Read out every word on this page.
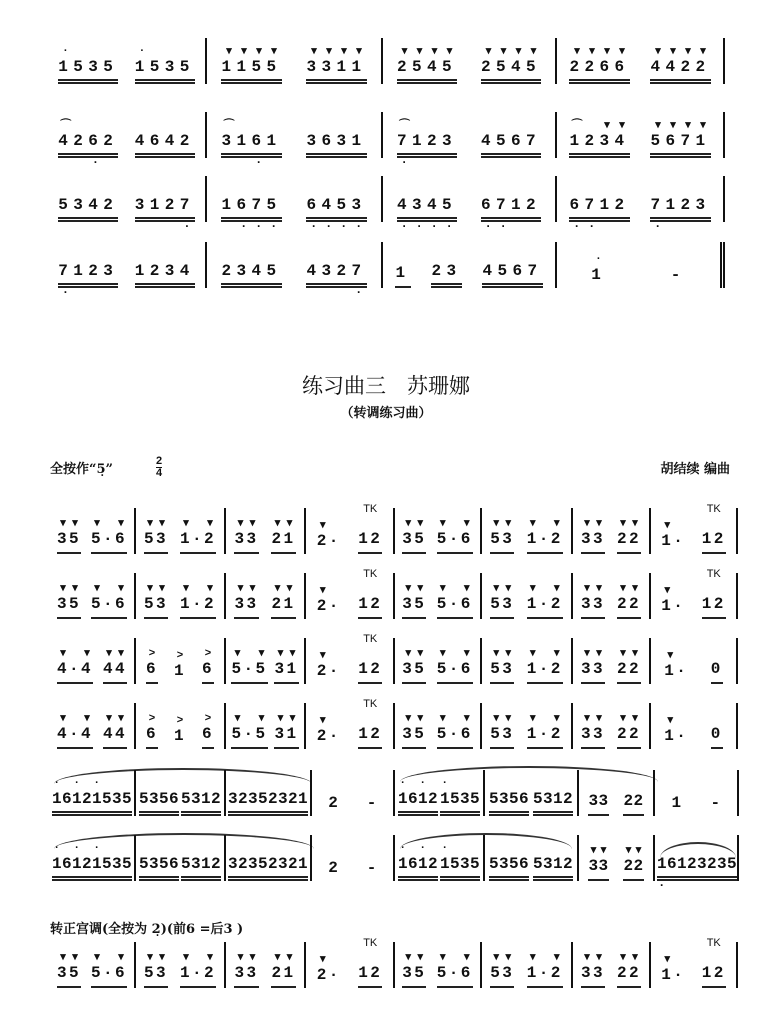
·
1535
·
1535
▾ ▾ ▾ ▾
1155
▾ ▾ ▾ ▾
3311
▾ ▾ ▾ ▾
2545
▾ ▾ ▾ ▾
2545
▾ ▾ ▾ ▾
2266
▾ ▾ ▾ ▾
4422
⌒
4262
·
4642
⌒
3161
·
3631
⌒
7123
·
4567
⌒	▾ ▾
1234
▾ ▾ ▾ ▾
5671
5342 3127
·
1675
· · ·
6453
· · · ·
4345
· · · ·
6712
· ·
6712
· ·
7123
·
7123
·
1234 2345 4327
·
1 23 4567
·
1	-
练习曲三　苏珊娜
（转调练习曲）
全按作“5̣”
2
4	胡结续 编曲
▾ ▾
35
▾ ▾
5·6
▾ ▾
53
▾ ▾
1·2
▾ ▾
33
▾ ▾
21
▾
2·
TK
12
▾ ▾
35
▾ ▾
5·6
▾ ▾
53
▾ ▾
1·2
▾ ▾
33
▾ ▾
22
▾
1·
TK
12
▾ ▾
35
▾ ▾
5·6
▾ ▾
53
▾ ▾
1·2
▾ ▾
33
▾ ▾
21
▾
2·
TK
12
▾ ▾
35
▾ ▾
5·6
▾ ▾
53
▾ ▾
1·2
▾ ▾
33
▾ ▾
22
▾
1·
TK
12
▾ ▾
4·4
▾ ▾
44
>
6
>
1
>
6
▾ ▾
5·5
▾ ▾
31
▾
2·
TK
12
▾ ▾
35
▾ ▾
5·6
▾ ▾
53
▾ ▾
1·2
▾ ▾
33
▾ ▾
22
▾
1· 0
▾ ▾
4·4
▾ ▾
44
>
6
>
1
>
6
▾ ▾
5·5
▾ ▾
31
▾
2·
TK
12
▾ ▾
35
▾ ▾
5·6
▾ ▾
53
▾ ▾
1·2
▾ ▾
33
▾ ▾
22
▾
1· 0
· ·
1612
·
1535 5356 5312 3235 2321 2 -
· ·
1612
·
1535 5356 5312 33 22 1 -
· ·
1612
·
1535 5356 5312 3235 2321 2 -
· ·
1612
·
1535 5356 5312
▾ ▾
33
▾ ▾
22 1612
·
3235
转正宫调(全按为 2̣)(前6 =后3 )
▾ ▾
35
▾ ▾
5·6
▾ ▾
53
▾ ▾
1·2
▾ ▾
33
▾ ▾
21
▾
2·
TK
12
▾ ▾
35
▾ ▾
5·6
▾ ▾
53
▾ ▾
1·2
▾ ▾
33
▾ ▾
22
▾
1·
TK
12
